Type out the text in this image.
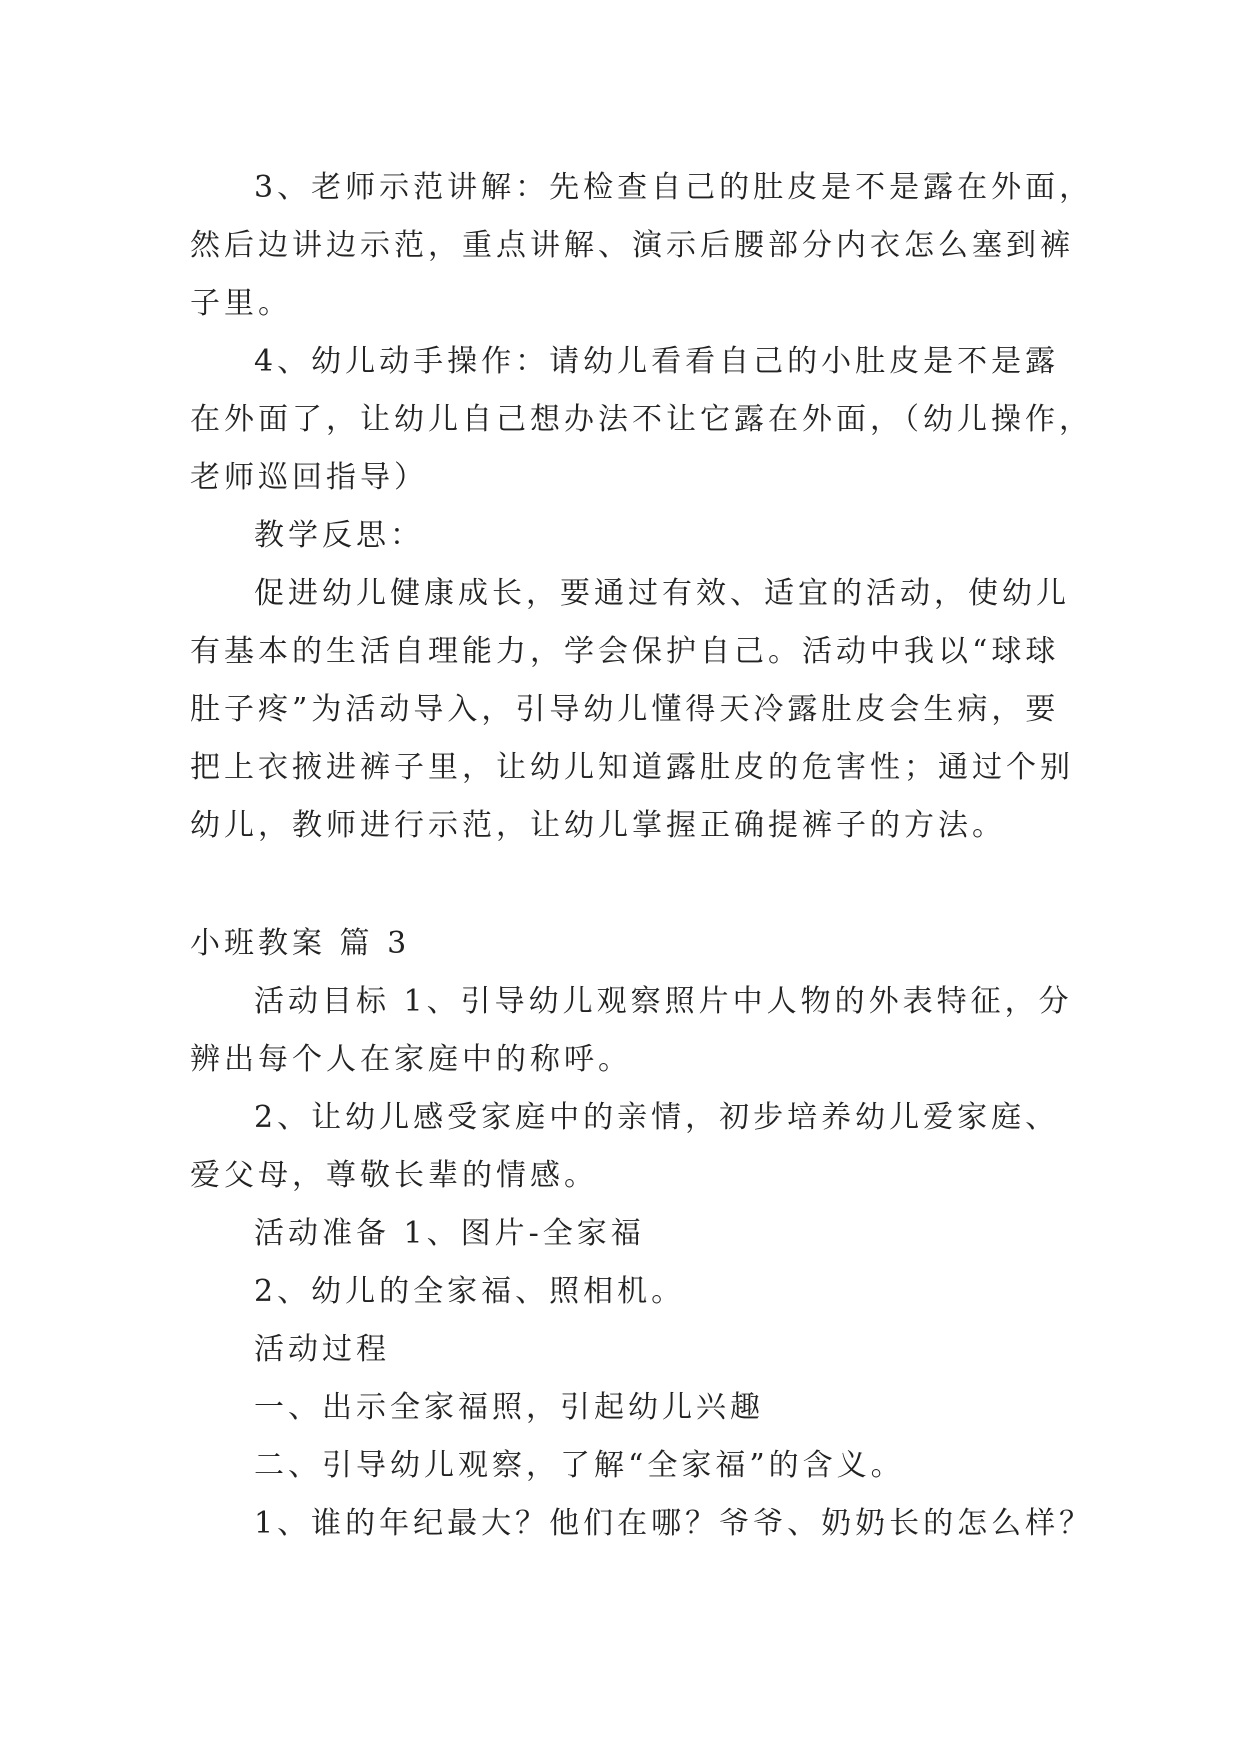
3、老师示范讲解：先检查自己的肚皮是不是露在外面，
然后边讲边示范，重点讲解、演示后腰部分内衣怎么塞到裤
子里。
4、幼儿动手操作：请幼儿看看自己的小肚皮是不是露
在外面了，让幼儿自己想办法不让它露在外面，（幼儿操作，
老师巡回指导）
教学反思：
促进幼儿健康成长，要通过有效、适宜的活动，使幼儿
有基本的生活自理能力，学会保护自己。活动中我以“球球
肚子疼”为活动导入，引导幼儿懂得天冷露肚皮会生病，要
把上衣掖进裤子里，让幼儿知道露肚皮的危害性；通过个别
幼儿，教师进行示范，让幼儿掌握正确提裤子的方法。
小班教案 篇 3
活动目标 1、引导幼儿观察照片中人物的外表特征，分
辨出每个人在家庭中的称呼。
2、让幼儿感受家庭中的亲情，初步培养幼儿爱家庭、
爱父母，尊敬长辈的情感。
活动准备 1、图片-全家福
2、幼儿的全家福、照相机。
活动过程
一、出示全家福照，引起幼儿兴趣
二、引导幼儿观察，了解“全家福”的含义。
1、谁的年纪最大？他们在哪？爷爷、奶奶长的怎么样？
